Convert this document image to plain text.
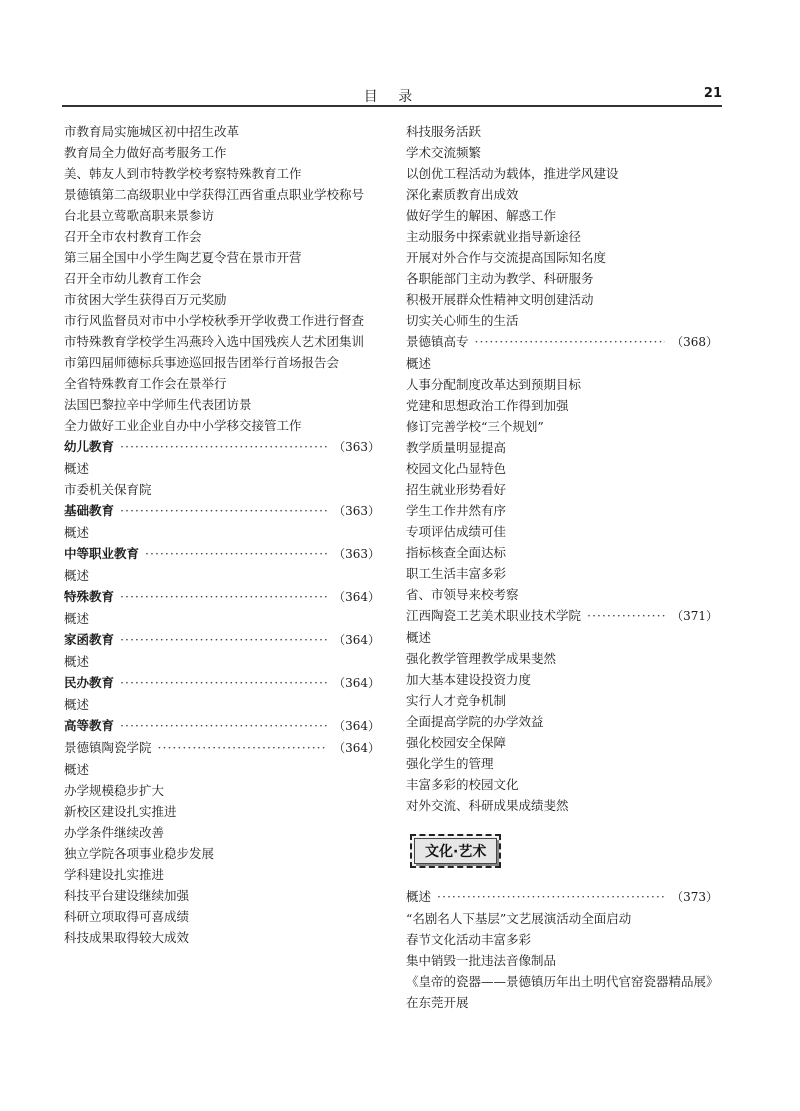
目 录	21
市教育局实施城区初中招生改革
教育局全力做好高考服务工作
美、韩友人到市特教学校考察特殊教育工作
景德镇第二高级职业中学获得江西省重点职业学校称号
台北县立莺歌高职来景参访
召开全市农村教育工作会
第三届全国中小学生陶艺夏令营在景市开营
召开全市幼儿教育工作会
市贫困大学生获得百万元奖励
市行风监督员对市中小学校秋季开学收费工作进行督查
市特殊教育学校学生冯燕玲入选中国残疾人艺术团集训
市第四届师德标兵事迹巡回报告团举行首场报告会
全省特殊教育工作会在景举行
法国巴黎拉辛中学师生代表团访景
全力做好工业企业自办中小学移交接管工作
幼儿教育 ·····	（363）
概述
市委机关保育院
基础教育 ·····	（363）
概述
中等职业教育 ·····	（363）
概述
特殊教育 ·····	（364）
概述
家函教育 ·····	（364）
概述
民办教育 ·····	（364）
概述
高等教育 ·····	（364）
景德镇陶瓷学院 ·····	（364）
概述
办学规模稳步扩大
新校区建设扎实推进
办学条件继续改善
独立学院各项事业稳步发展
学科建设扎实推进
科技平台建设继续加强
科研立项取得可喜成绩
科技成果取得较大成效
科技服务活跃
学术交流频繁
以创优工程活动为载体，推进学风建设
深化素质教育出成效
做好学生的解困、解惑工作
主动服务中探索就业指导新途径
开展对外合作与交流提高国际知名度
各职能部门主动为教学、科研服务
积极开展群众性精神文明创建活动
切实关心师生的生活
景德镇高专 ·····	（368）
概述
人事分配制度改革达到预期目标
党建和思想政治工作得到加强
修订完善学校“三个规划”
教学质量明显提高
校园文化凸显特色
招生就业形势看好
学生工作井然有序
专项评估成绩可佳
指标核查全面达标
职工生活丰富多彩
省、市领导来校考察
江西陶瓷工艺美术职业技术学院 ·····	（371）
概述
强化教学管理教学成果斐然
加大基本建设投资力度
实行人才竞争机制
全面提高学院的办学效益
强化校园安全保障
强化学生的管理
丰富多彩的校园文化
对外交流、科研成果成绩斐然
文化·艺术
概述 ·····	（373）
“名剧名人下基层”文艺展演活动全面启动
春节文化活动丰富多彩
集中销毁一批违法音像制品
《皇帝的瓷器——景德镇历年出土明代官窑瓷器精品展》在东莞开展
